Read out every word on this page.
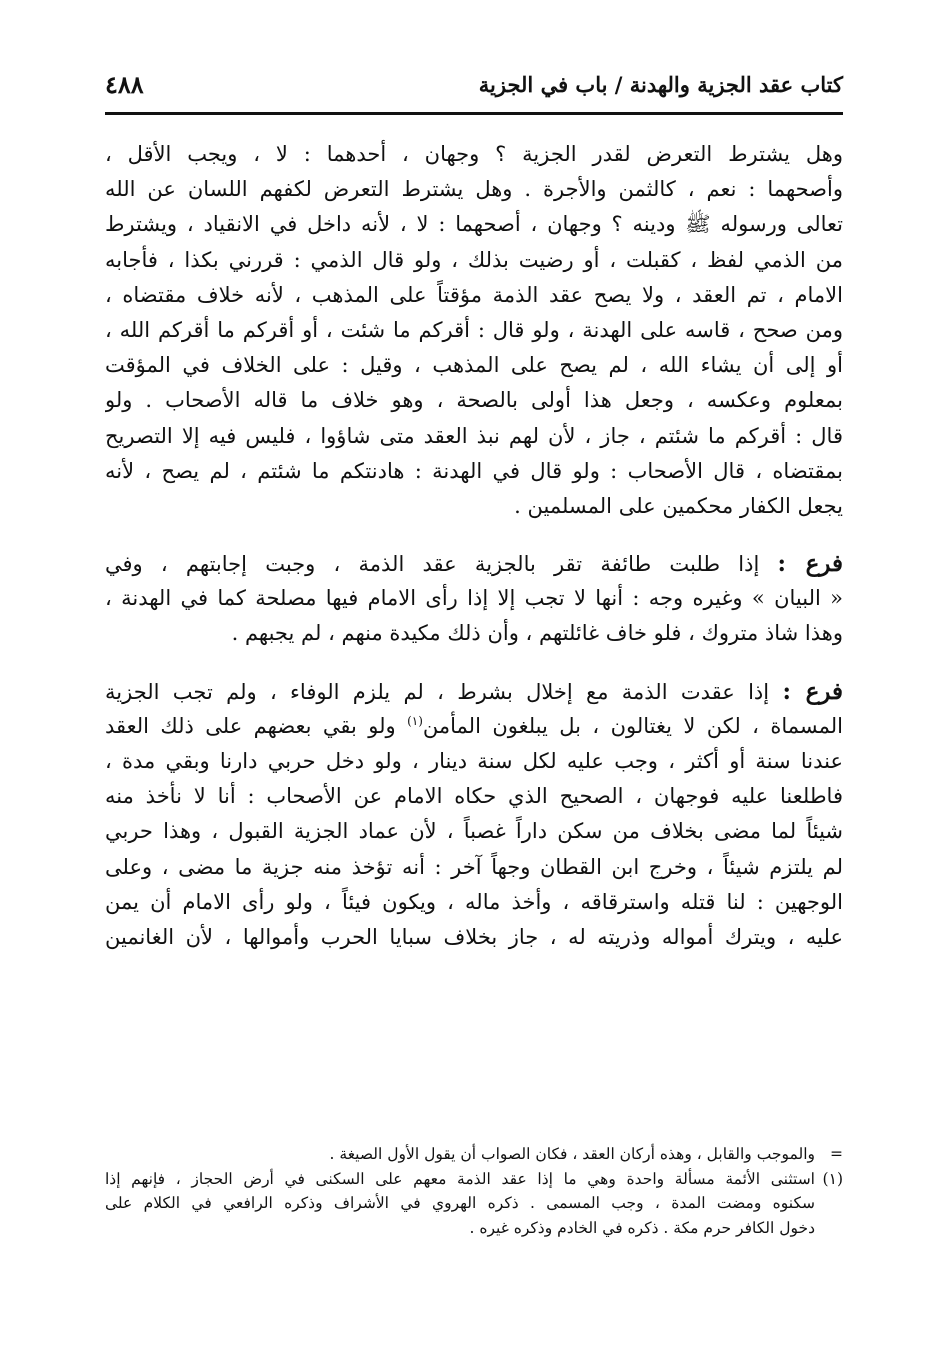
كتاب عقد الجزية والهدنة / باب في الجزية
٤٨٨
وهل يشترط التعرض لقدر الجزية ؟ وجهان ، أحدهما : لا ، ويجب الأقل ،
وأصحهما : نعم ، كالثمن والأجرة . وهل يشترط التعرض لكفهم اللسان عن الله
تعالى ورسوله ﷺ ودينه ؟ وجهان ، أصحهما : لا ، لأنه داخل في الانقياد ، ويشترط
من الذمي لفظ ، كقبلت ، أو رضيت بذلك ، ولو قال الذمي : قررني بكذا ، فأجابه
الامام ، تم العقد ، ولا يصح عقد الذمة مؤقتاً على المذهب ، لأنه خلاف مقتضاه ،
ومن صحح ، قاسه على الهدنة ، ولو قال : أقركم ما شئت ، أو أقركم ما أقركم الله ،
أو إلى أن يشاء الله ، لم يصح على المذهب ، وقيل : على الخلاف في المؤقت
بمعلوم وعكسه ، وجعل هذا أولى بالصحة ، وهو خلاف ما قاله الأصحاب . ولو
قال : أقركم ما شئتم ، جاز ، لأن لهم نبذ العقد متى شاؤوا ، فليس فيه إلا التصريح
بمقتضاه ، قال الأصحاب : ولو قال في الهدنة : هادنتكم ما شئتم ، لم يصح ، لأنه
يجعل الكفار محكمين على المسلمين .
فرع : إذا طلبت طائفة تقر بالجزية عقد الذمة ، وجبت إجابتهم ، وفي
« البيان » وغيره وجه : أنها لا تجب إلا إذا رأى الامام فيها مصلحة كما في الهدنة ،
وهذا شاذ متروك ، فلو خاف غائلتهم ، وأن ذلك مكيدة منهم ، لم يجبهم .
فرع : إذا عقدت الذمة مع إخلال بشرط ، لم يلزم الوفاء ، ولم تجب الجزية
المسماة ، لكن لا يغتالون ، بل يبلغون المأمن$^{(١)}$ ولو بقي بعضهم على ذلك العقد
عندنا سنة أو أكثر ، وجب عليه لكل سنة دينار ، ولو دخل حربي دارنا وبقي مدة ،
فاطلعنا عليه فوجهان ، الصحيح الذي حكاه الامام عن الأصحاب : أنا لا نأخذ منه
شيئاً لما مضى بخلاف من سكن داراً غصباً ، لأن عماد الجزية القبول ، وهذا حربي
لم يلتزم شيئاً ، وخرج ابن القطان وجهاً آخر : أنه تؤخذ منه جزية ما مضى ، وعلى
الوجهين : لنا قتله واسترقاقه ، وأخذ ماله ، ويكون فيئاً ، ولو رأى الامام أن يمن
عليه ، ويترك أمواله وذريته له ، جاز بخلاف سبايا الحرب وأموالها ، لأن الغانمين
=والموجب والقابل ، وهذه أركان العقد ، فكان الصواب أن يقول الأول الصيغة .
(١)استثنى الأئمة مسألة واحدة وهي ما إذا عقد الذمة معهم على السكنى في أرض الحجاز ، فإنهم إذا
سكنوه ومضت المدة ، وجب المسمى . ذكره الهروي في الأشراف وذكره الرافعي في الكلام على
دخول الكافر حرم مكة . ذكره في الخادم وذكره غيره .
